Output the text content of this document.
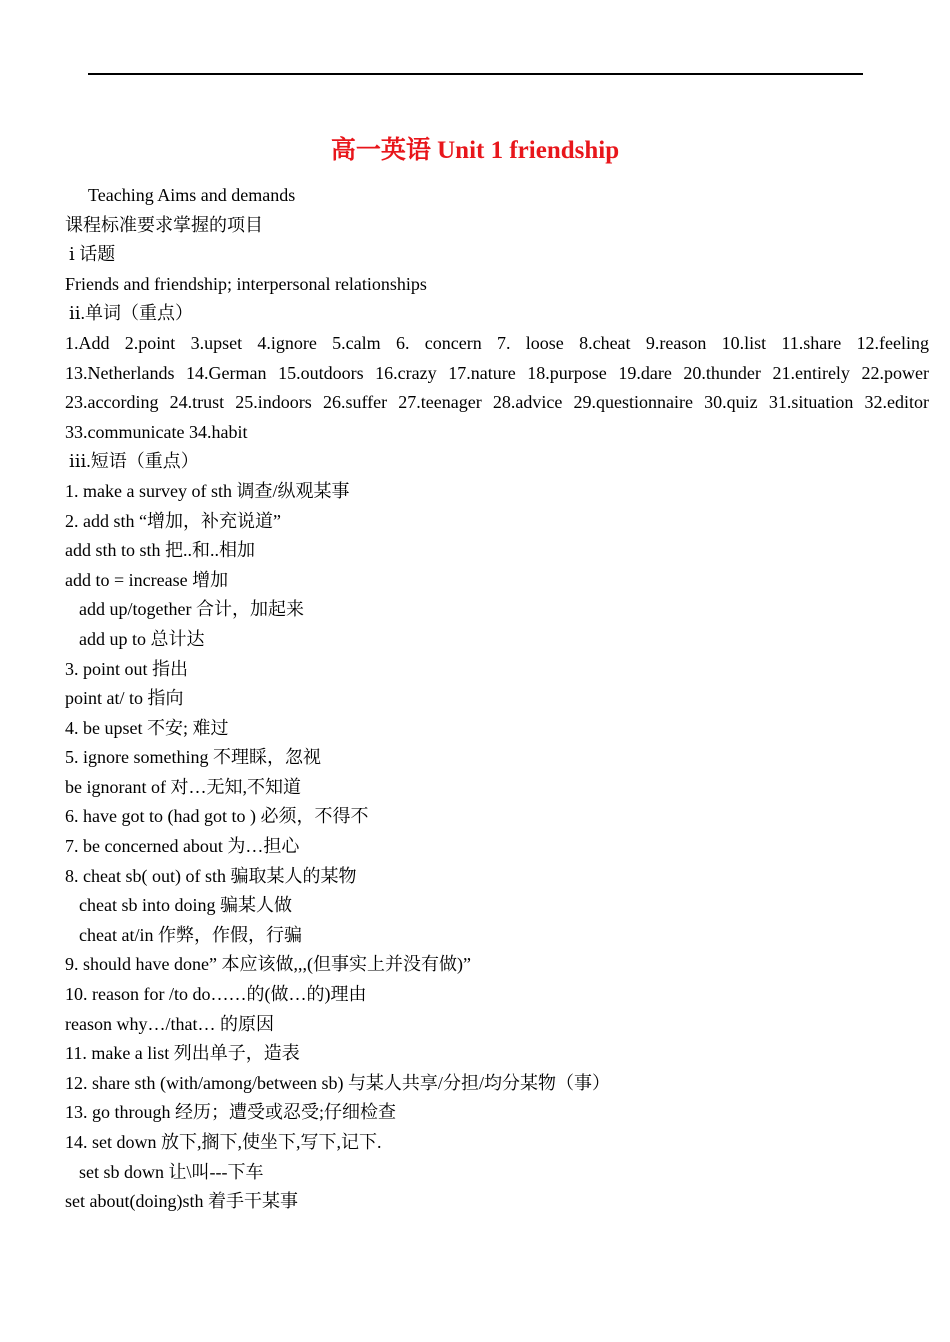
高一英语 Unit 1 friendship
Teaching Aims and demands
课程标准要求掌握的项目
ⅰ 话题
Friends and friendship; interpersonal relationships
ⅱ.单词（重点）
1.Add 2.point 3.upset 4.ignore 5.calm 6. concern 7. loose 8.cheat 9.reason 10.list 11.share 12.feeling
13.Netherlands 14.German 15.outdoors 16.crazy 17.nature 18.purpose 19.dare 20.thunder 21.entirely 22.power
23.according 24.trust 25.indoors 26.suffer 27.teenager 28.advice 29.questionnaire 30.quiz 31.situation 32.editor
33.communicate 34.habit
ⅲ.短语（重点）
1. make a survey of sth 调查/纵观某事
2. add sth “增加，补充说道”
add sth to sth 把..和..相加
add to = increase 增加
add up/together 合计，加起来
add up to 总计达
3. point out 指出
point at/ to 指向
4. be upset 不安; 难过
5. ignore something 不理睬，忽视
be ignorant of 对…无知,不知道
6. have got to (had got to ) 必须，不得不
7. be concerned about 为…担心
8. cheat sb( out) of sth 骗取某人的某物
cheat sb into doing 骗某人做
cheat at/in 作弊，作假，行骗
9. should have done” 本应该做,,,(但事实上并没有做)”
10. reason for /to do……的(做…的)理由
reason why…/that… 的原因
11. make a list 列出单子，造表
12. share sth (with/among/between sb) 与某人共享/分担/均分某物（事）
13. go through 经历；遭受或忍受;仔细检查
14. set down 放下,搁下,使坐下,写下,记下.
set sb down 让\叫---下车
set about(doing)sth 着手干某事
